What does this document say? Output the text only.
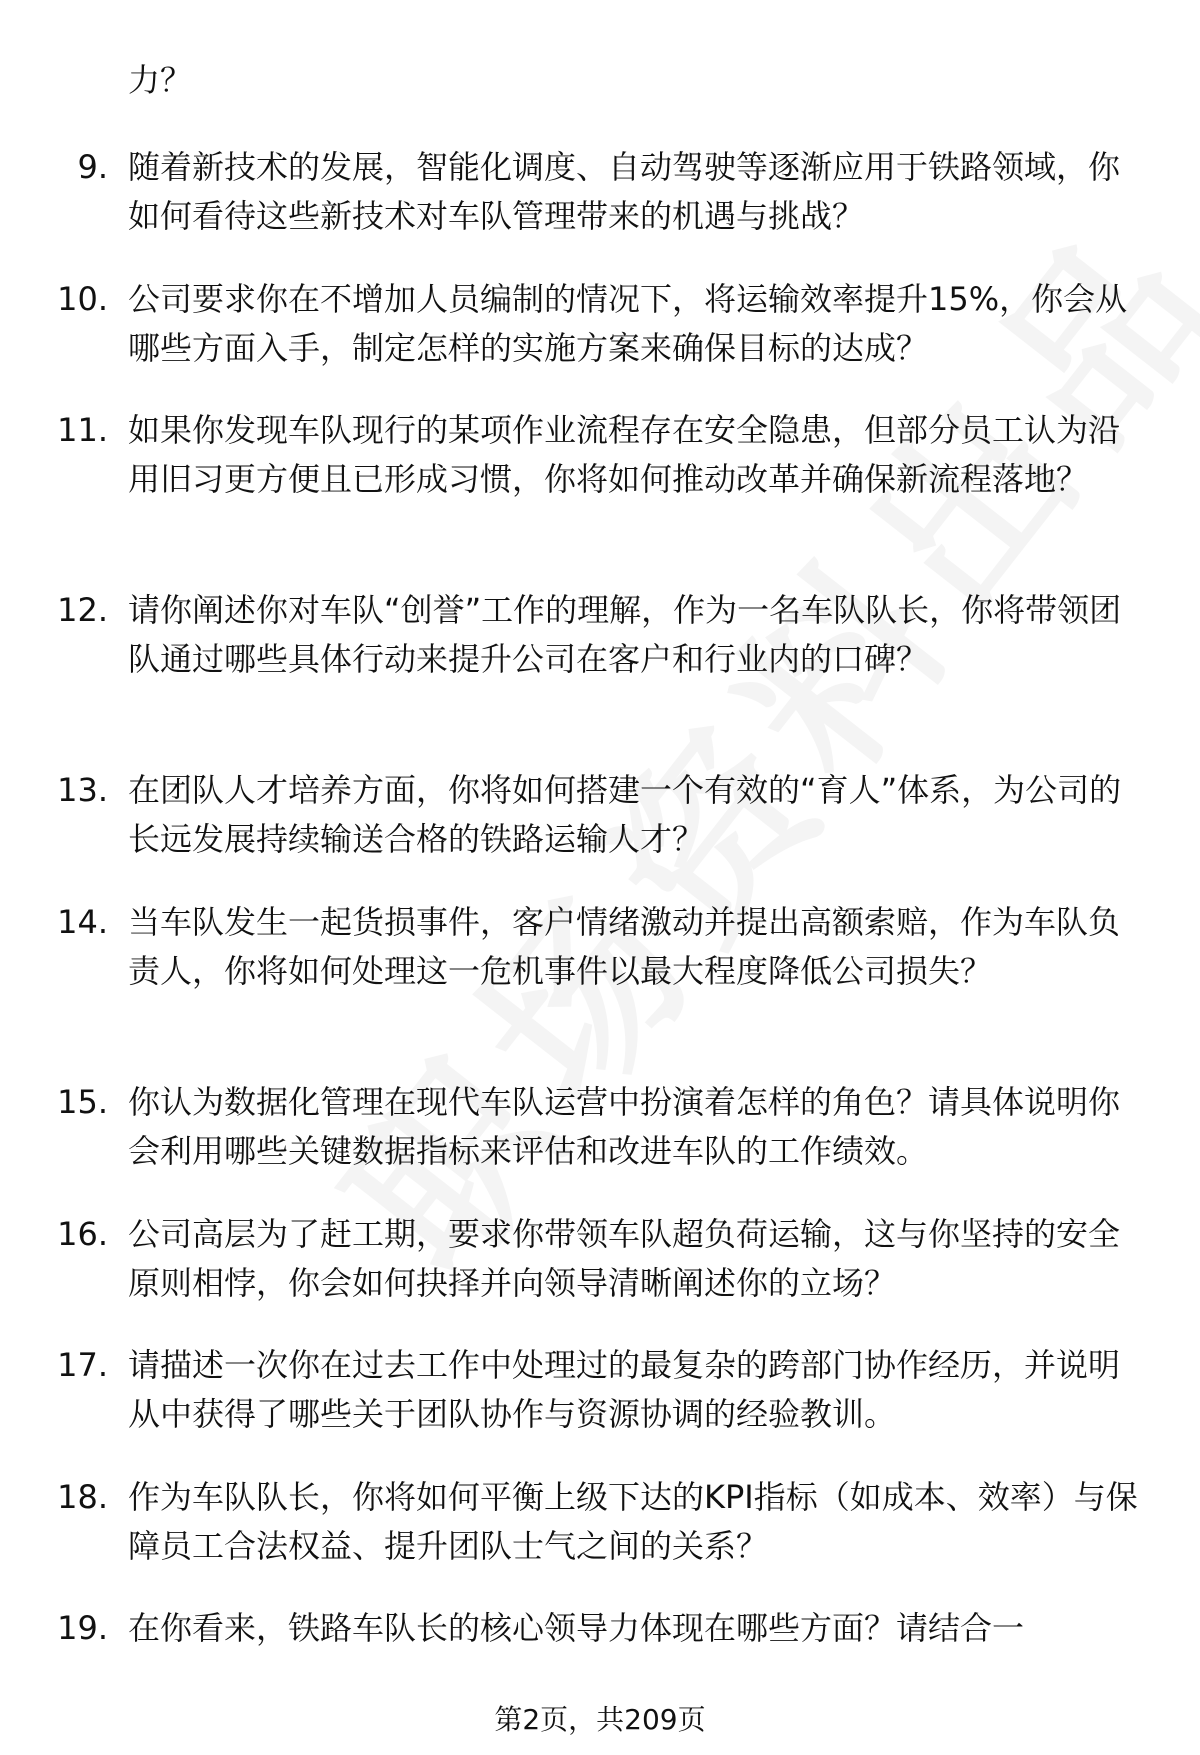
力？
9. 随着新技术的发展，智能化调度、自动驾驶等逐渐应用于铁路领域，你如何看待这些新技术对车队管理带来的机遇与挑战？
10. 公司要求你在不增加人员编制的情况下，将运输效率提升15%，你会从哪些方面入手，制定怎样的实施方案来确保目标的达成？
11. 如果你发现车队现行的某项作业流程存在安全隐患，但部分员工认为沿用旧习更方便且已形成习惯，你将如何推动改革并确保新流程落地？
12. 请你阐述你对车队“创誉”工作的理解，作为一名车队队长，你将带领团队通过哪些具体行动来提升公司在客户和行业内的口碑？
13. 在团队人才培养方面，你将如何搭建一个有效的“育人”体系，为公司的长远发展持续输送合格的铁路运输人才？
14. 当车队发生一起货损事件，客户情绪激动并提出高额索赔，作为车队负责人，你将如何处理这一危机事件以最大程度降低公司损失？
15. 你认为数据化管理在现代车队运营中扮演着怎样的角色？请具体说明你会利用哪些关键数据指标来评估和改进车队的工作绩效。
16. 公司高层为了赶工期，要求你带领车队超负荷运输，这与你坚持的安全原则相悖，你会如何抉择并向领导清晰阐述你的立场？
17. 请描述一次你在过去工作中处理过的最复杂的跨部门协作经历，并说明从中获得了哪些关于团队协作与资源协调的经验教训。
18. 作为车队队长，你将如何平衡上级下达的KPI指标（如成本、效率）与保障员工合法权益、提升团队士气之间的关系？
19. 在你看来，铁路车队长的核心领导力体现在哪些方面？请结合一
第2页，共209页
